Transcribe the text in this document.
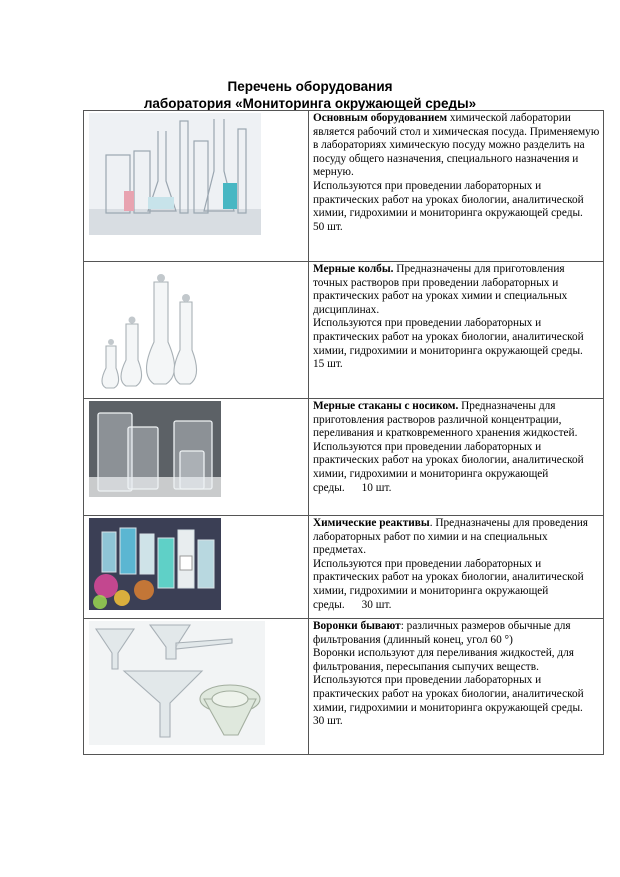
Перечень оборудования
лаборатория «Мониторинга окружающей среды»
	Основным оборудованием химической лаборатории является рабочий стол и химическая посуда. Применяемую в лабораториях химическую посуду можно разделить на посуду общего назначения, специального назначения и мерную.
Используются при проведении лабораторных и практических работ на уроках биологии, аналитической химии, гидрохимии и мониторинга окружающей среды.
50 шт.

	Мерные колбы. Предназначены для приготовления точных растворов при проведении лабораторных и практических работ на уроках химии и специальных дисциплинах.
Используются при проведении лабораторных и практических работ на уроках биологии, аналитической химии, гидрохимии и мониторинга окружающей среды.
15 шт.

	Мерные стаканы с носиком. Предназначены для приготовления растворов различной концентрации, переливания и кратковременного хранения жидкостей.
Используются при проведении лабораторных и практических работ на уроках биологии, аналитической химии, гидрохимии и мониторинга окружающей среды. 10 шт.

	Химические реактивы. Предназначены для проведения лабораторных работ по химии и на специальных предметах.
Используются при проведении лабораторных и практических работ на уроках биологии, аналитической химии, гидрохимии и мониторинга окружающей среды. 30 шт.

	Воронки бывают: различных размеров обычные для фильтрования (длинный конец, угол 60 °)
Воронки используют для переливания жидкостей, для фильтрования, пересыпания сыпучих веществ.
Используются при проведении лабораторных и практических работ на уроках биологии, аналитической химии, гидрохимии и мониторинга окружающей среды.
30 шт.
